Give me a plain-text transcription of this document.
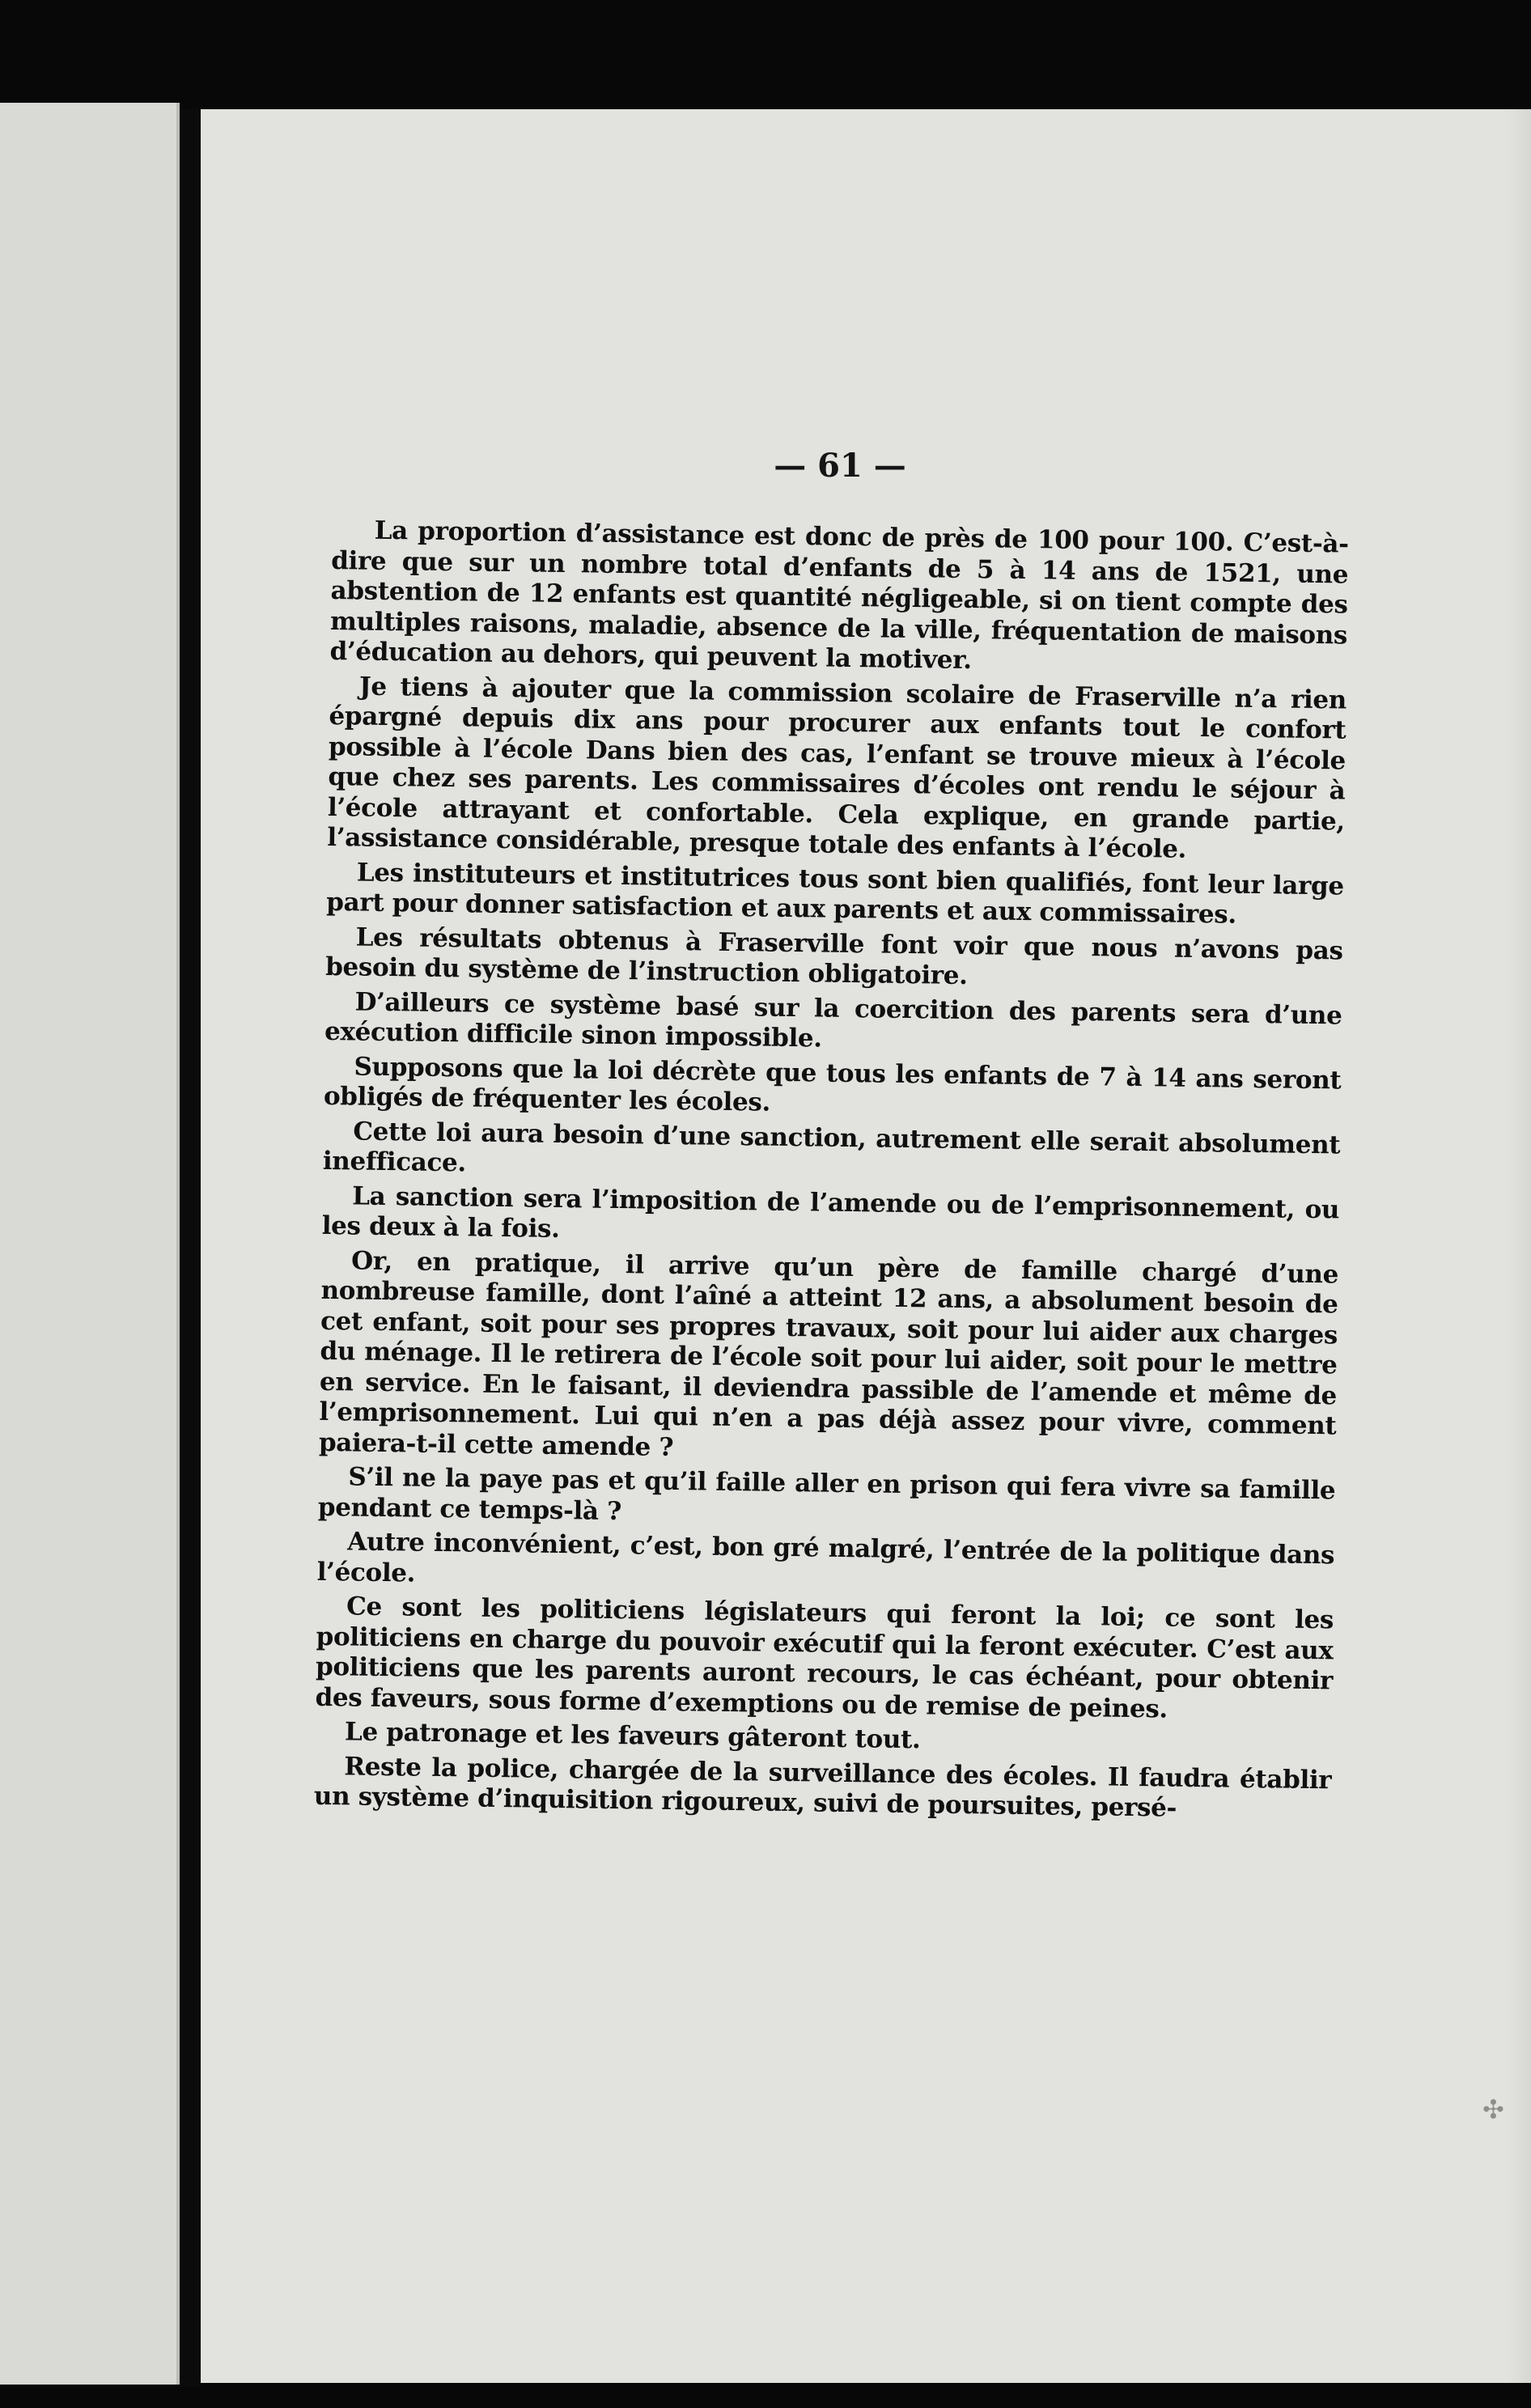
— 61 —

La proportion d’assistance est donc de près de 100 pour 100. C’est-à-dire que sur un nombre total d’enfants de 5 à 14 ans de 1521, une abstention de 12 enfants est quantité négligeable, si on tient compte des multiples raisons, maladie, absence de la ville, fréquentation de maisons d’éducation au dehors, qui peuvent la motiver.

Je tiens à ajouter que la commission scolaire de Fraserville n’a rien épargné depuis dix ans pour procurer aux enfants tout le confort possible à l’école Dans bien des cas, l’enfant se trouve mieux à l’école que chez ses parents. Les commissaires d’écoles ont rendu le séjour à l’école attrayant et confortable. Cela explique, en grande partie, l’assistance considérable, presque totale des enfants à l’école.

Les instituteurs et institutrices tous sont bien qualifiés, font leur large part pour donner satisfaction et aux parents et aux commissaires.

Les résultats obtenus à Fraserville font voir que nous n’avons pas besoin du système de l’instruction obligatoire.

D’ailleurs ce système basé sur la coercition des parents sera d’une exécution difficile sinon impossible.

Supposons que la loi décrète que tous les enfants de 7 à 14 ans seront obligés de fréquenter les écoles.

Cette loi aura besoin d’une sanction, autrement elle serait absolument inefficace.

La sanction sera l’imposition de l’amende ou de l’emprisonnement, ou les deux à la fois.

Or, en pratique, il arrive qu’un père de famille chargé d’une nombreuse famille, dont l’aîné a atteint 12 ans, a absolument besoin de cet enfant, soit pour ses propres travaux, soit pour lui aider aux charges du ménage. Il le retirera de l’école soit pour lui aider, soit pour le mettre en service. En le faisant, il deviendra passible de l’amende et même de l’emprisonnement. Lui qui n’en a pas déjà assez pour vivre, comment paiera-t-il cette amende ?

S’il ne la paye pas et qu’il faille aller en prison qui fera vivre sa famille pendant ce temps-là ?

Autre inconvénient, c’est, bon gré malgré, l’entrée de la politique dans l’école.

Ce sont les politiciens législateurs qui feront la loi; ce sont les politiciens en charge du pouvoir exécutif qui la feront exécuter. C’est aux politiciens que les parents auront recours, le cas échéant, pour obtenir des faveurs, sous forme d’exemptions ou de remise de peines.

Le patronage et les faveurs gâteront tout.

Reste la police, chargée de la surveillance des écoles. Il faudra établir un système d’inquisition rigoureux, suivi de poursuites, persé-

✣
